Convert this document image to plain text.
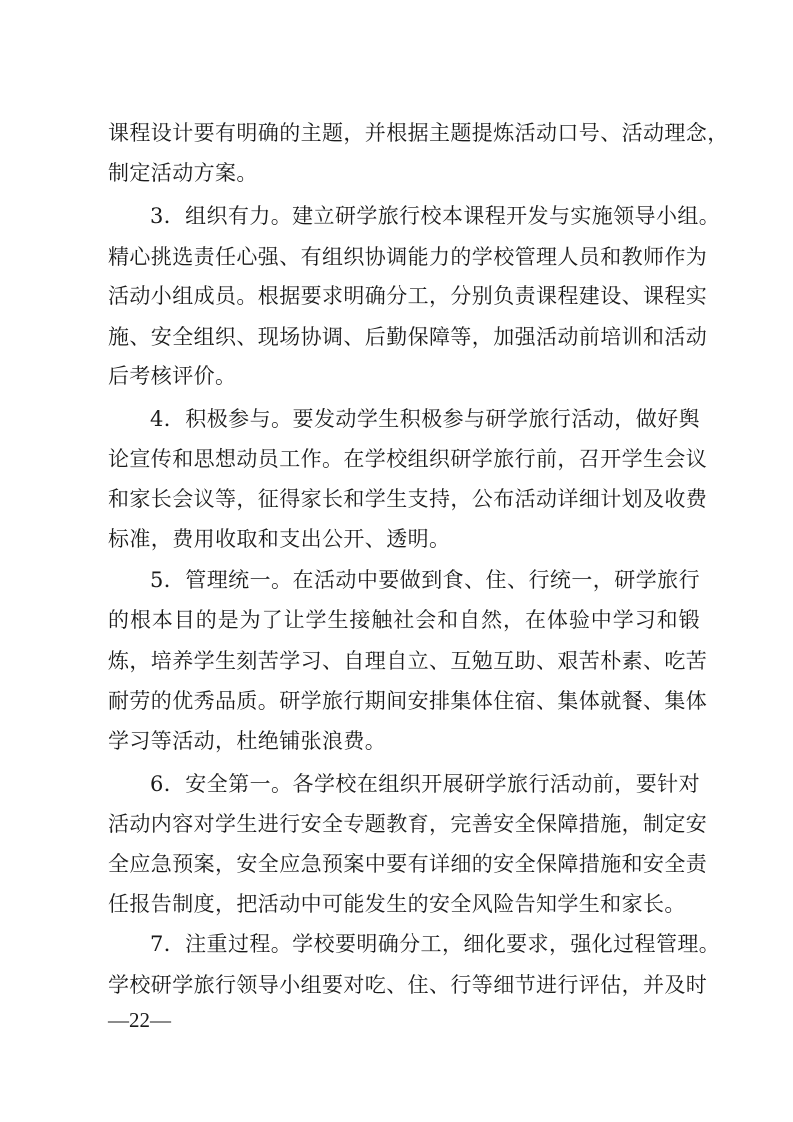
课程设计要有明确的主题，并根据主题提炼活动口号、活动理念，
制定活动方案。
3．组织有力。建立研学旅行校本课程开发与实施领导小组。
精心挑选责任心强、有组织协调能力的学校管理人员和教师作为
活动小组成员。根据要求明确分工，分别负责课程建设、课程实
施、安全组织、现场协调、后勤保障等，加强活动前培训和活动
后考核评价。
4．积极参与。要发动学生积极参与研学旅行活动，做好舆
论宣传和思想动员工作。在学校组织研学旅行前，召开学生会议
和家长会议等，征得家长和学生支持，公布活动详细计划及收费
标准，费用收取和支出公开、透明。
5．管理统一。在活动中要做到食、住、行统一，研学旅行
的根本目的是为了让学生接触社会和自然，在体验中学习和锻
炼，培养学生刻苦学习、自理自立、互勉互助、艰苦朴素、吃苦
耐劳的优秀品质。研学旅行期间安排集体住宿、集体就餐、集体
学习等活动，杜绝铺张浪费。
6．安全第一。各学校在组织开展研学旅行活动前，要针对
活动内容对学生进行安全专题教育，完善安全保障措施，制定安
全应急预案，安全应急预案中要有详细的安全保障措施和安全责
任报告制度，把活动中可能发生的安全风险告知学生和家长。
7．注重过程。学校要明确分工，细化要求，强化过程管理。
学校研学旅行领导小组要对吃、住、行等细节进行评估，并及时
—22—
